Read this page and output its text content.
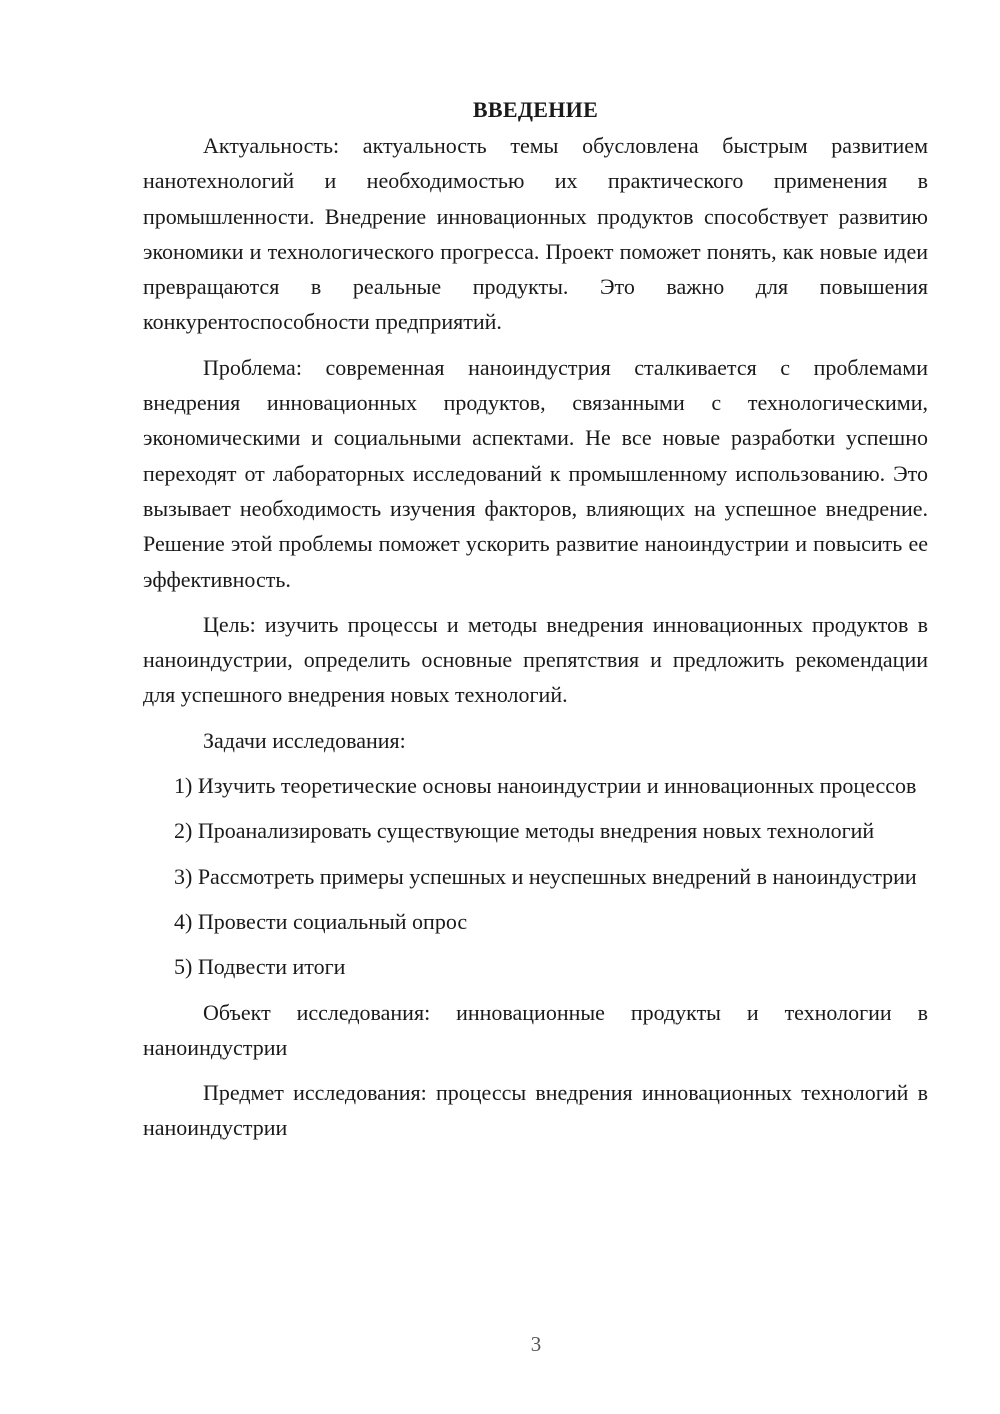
ВВЕДЕНИЕ

Актуальность: актуальность темы обусловлена быстрым развитием нанотехнологий и необходимостью их практического применения в промышленности. Внедрение инновационных продуктов способствует развитию экономики и технологического прогресса. Проект поможет понять, как новые идеи превращаются в реальные продукты. Это важно для повышения конкурентоспособности предприятий.

Проблема: современная наноиндустрия сталкивается с проблемами внедрения инновационных продуктов, связанными с технологическими, экономическими и социальными аспектами. Не все новые разработки успешно переходят от лабораторных исследований к промышленному использованию. Это вызывает необходимость изучения факторов, влияющих на успешное внедрение. Решение этой проблемы поможет ускорить развитие наноиндустрии и повысить ее эффективность.

Цель: изучить процессы и методы внедрения инновационных продуктов в наноиндустрии, определить основные препятствия и предложить рекомендации для успешного внедрения новых технологий.

Задачи исследования:

1) Изучить теоретические основы наноиндустрии и инновационных процессов

2) Проанализировать существующие методы внедрения новых технологий

3) Рассмотреть примеры успешных и неуспешных внедрений в наноиндустрии

4) Провести социальный опрос

5) Подвести итоги

Объект исследования: инновационные продукты и технологии в наноиндустрии

Предмет исследования: процессы внедрения инновационных технологий в наноиндустрии

3
